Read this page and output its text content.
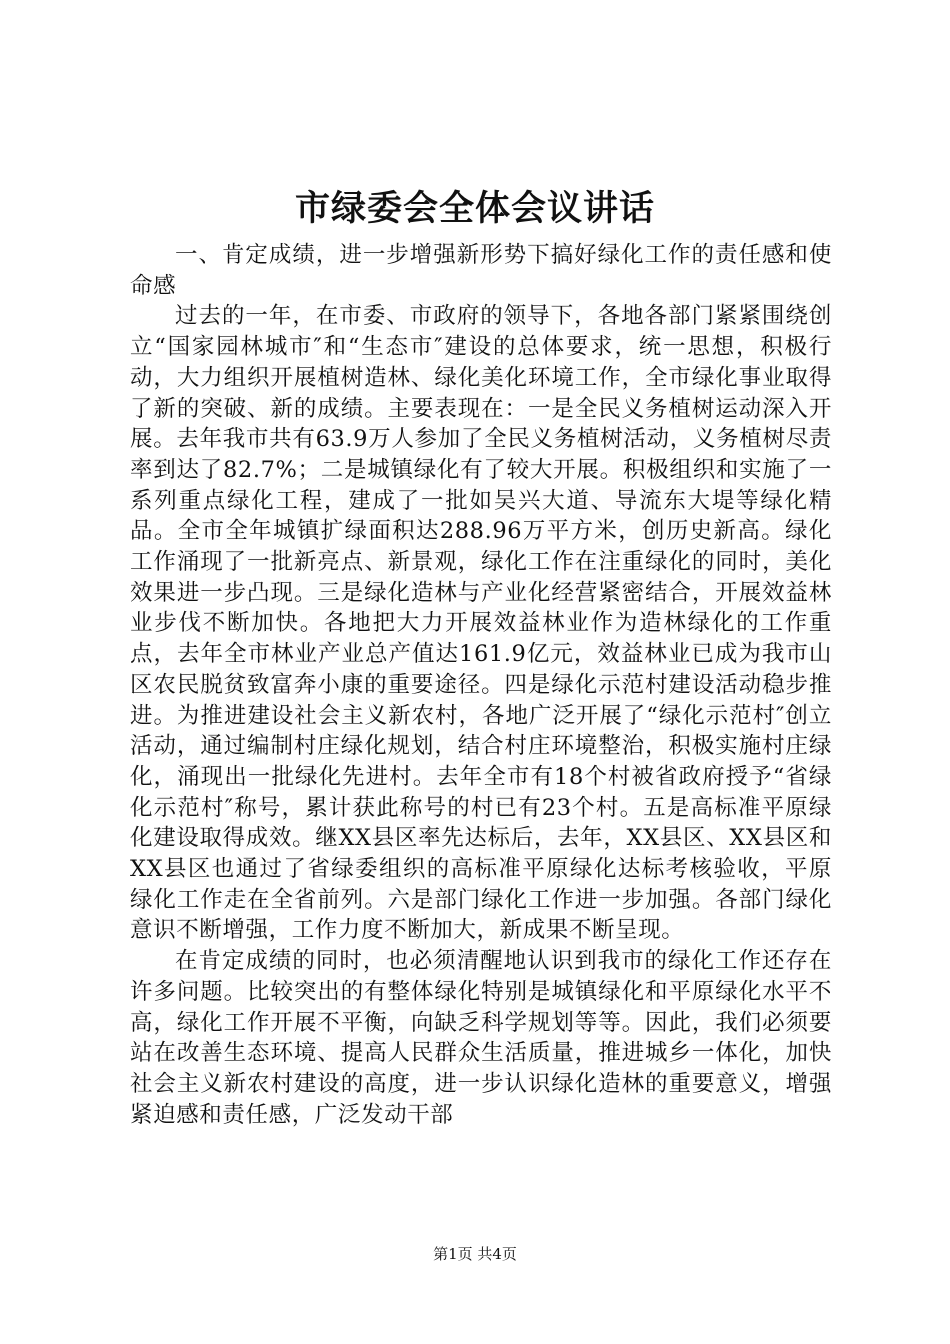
市绿委会全体会议讲话

一、肯定成绩，进一步增强新形势下搞好绿化工作的责任感和使命感

过去的一年，在市委、市政府的领导下，各地各部门紧紧围绕创立“国家园林城市″和“生态市″建设的总体要求，统一思想，积极行动，大力组织开展植树造林、绿化美化环境工作，全市绿化事业取得了新的突破、新的成绩。主要表现在：一是全民义务植树运动深入开展。去年我市共有63.9万人参加了全民义务植树活动，义务植树尽责率到达了82.7%；二是城镇绿化有了较大开展。积极组织和实施了一系列重点绿化工程，建成了一批如吴兴大道、导流东大堤等绿化精品。全市全年城镇扩绿面积达288.96万平方米，创历史新高。绿化工作涌现了一批新亮点、新景观，绿化工作在注重绿化的同时，美化效果进一步凸现。三是绿化造林与产业化经营紧密结合，开展效益林业步伐不断加快。各地把大力开展效益林业作为造林绿化的工作重点，去年全市林业产业总产值达161.9亿元，效益林业已成为我市山区农民脱贫致富奔小康的重要途径。四是绿化示范村建设活动稳步推进。为推进建设社会主义新农村，各地广泛开展了“绿化示范村″创立活动，通过编制村庄绿化规划，结合村庄环境整治，积极实施村庄绿化，涌现出一批绿化先进村。去年全市有18个村被省政府授予“省绿化示范村″称号，累计获此称号的村已有23个村。五是高标准平原绿化建设取得成效。继XX县区率先达标后，去年，XX县区、XX县区和XX县区也通过了省绿委组织的高标准平原绿化达标考核验收，平原绿化工作走在全省前列。六是部门绿化工作进一步加强。各部门绿化意识不断增强，工作力度不断加大，新成果不断呈现。

在肯定成绩的同时，也必须清醒地认识到我市的绿化工作还存在许多问题。比较突出的有整体绿化特别是城镇绿化和平原绿化水平不高，绿化工作开展不平衡，向缺乏科学规划等等。因此，我们必须要站在改善生态环境、提高人民群众生活质量，推进城乡一体化，加快社会主义新农村建设的高度，进一步认识绿化造林的重要意义，增强紧迫感和责任感，广泛发动干部

第1页 共4页
